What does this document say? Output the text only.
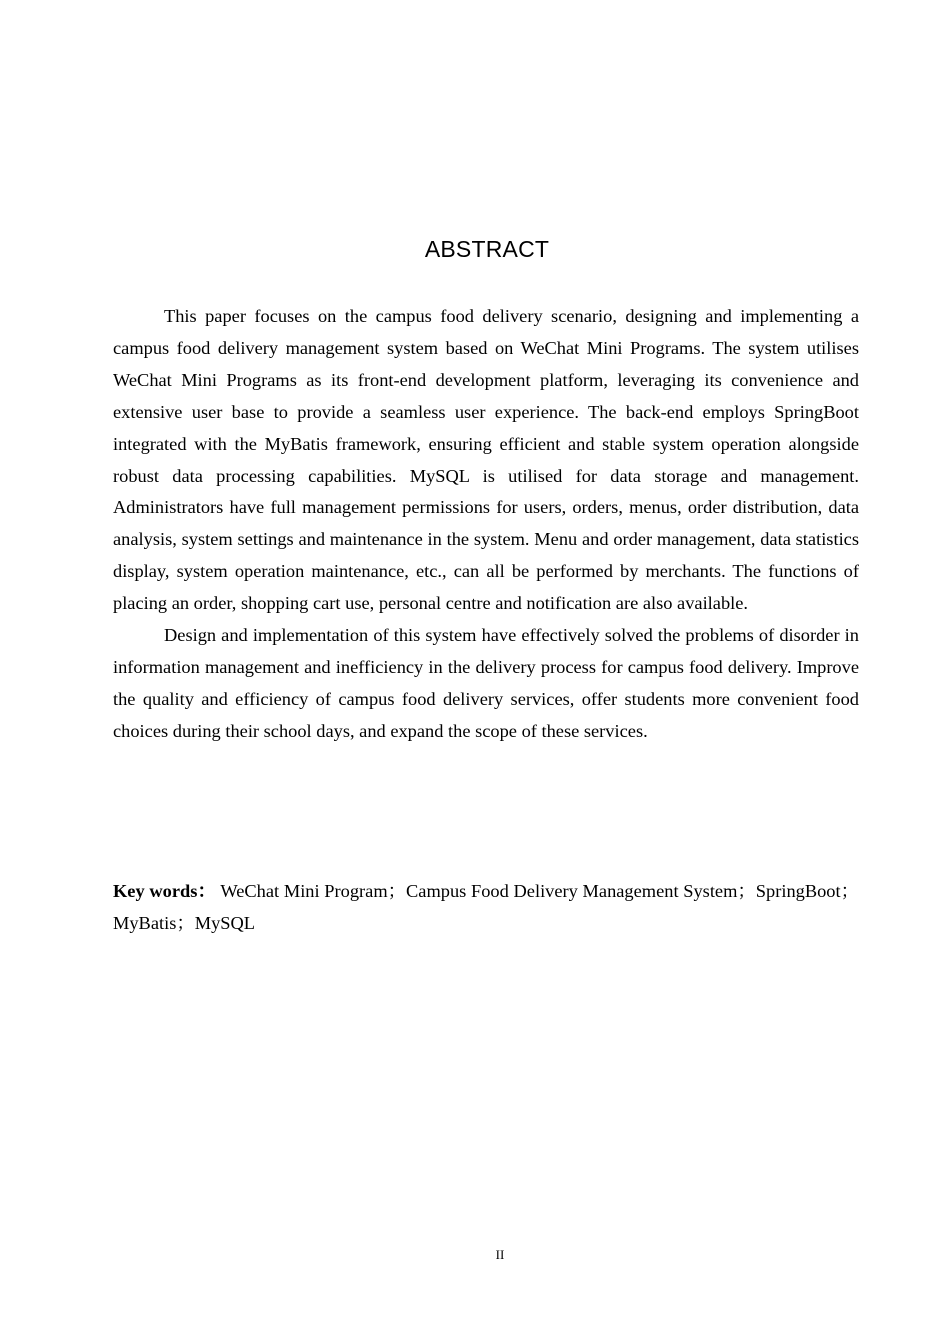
ABSTRACT

This paper focuses on the campus food delivery scenario, designing and implementing a campus food delivery management system based on WeChat Mini Programs. The system utilises WeChat Mini Programs as its front-end development platform, leveraging its convenience and extensive user base to provide a seamless user experience. The back-end employs SpringBoot integrated with the MyBatis framework, ensuring efficient and stable system operation alongside robust data processing capabilities. MySQL is utilised for data storage and management. Administrators have full management permissions for users, orders, menus, order distribution, data analysis, system settings and maintenance in the system. Menu and order management, data statistics display, system operation maintenance, etc., can all be performed by merchants. The functions of placing an order, shopping cart use, personal centre and notification are also available.

Design and implementation of this system have effectively solved the problems of disorder in information management and inefficiency in the delivery process for campus food delivery. Improve the quality and efficiency of campus food delivery services, offer students more convenient food choices during their school days, and expand the scope of these services.

Key words： WeChat Mini Program；Campus Food Delivery Management System；SpringBoot； MyBatis；MySQL
II
